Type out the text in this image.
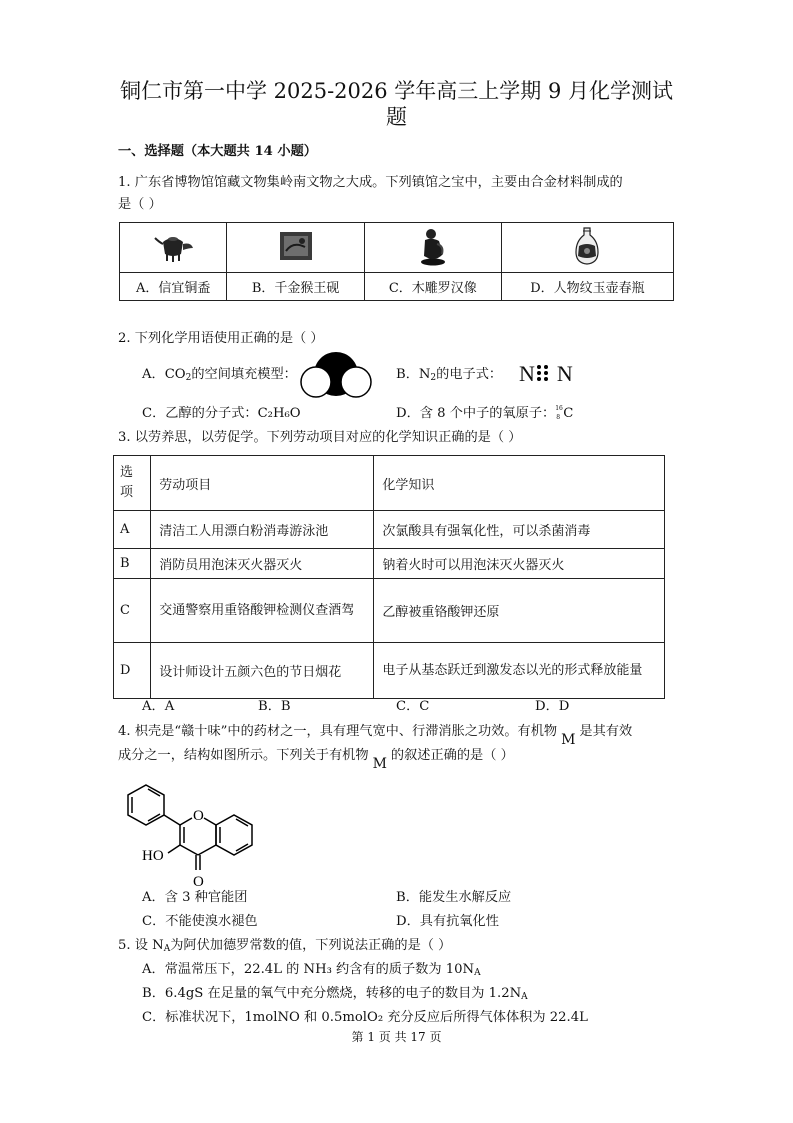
铜仁市第一中学 2025-2026 学年高三上学期 9 月化学测试
题
一、选择题（本大题共 14 小题）
1. 广东省博物馆馆藏文物集岭南文物之大成。下列镇馆之宝中，主要由合金材料制成的
是（ ）

A．信宜铜盉	B．千金猴王砚	C．木雕罗汉像	D．人物纹玉壶春瓶
2. 下列化学用语使用正确的是（ ）
A．$CO_2$的空间填充模型：	B．$N_2$的电子式： N N
C．乙醇的分子式：C₂H₆O	D．含 8 个中子的氧原子： 16
8 C
3. 以劳养思，以劳促学。下列劳动项目对应的化学知识正确的是（ ）
选项	劳动项目	化学知识
A	清洁工人用漂白粉消毒游泳池	次氯酸具有强氧化性，可以杀菌消毒
B	消防员用泡沫灭火器灭火	钠着火时可以用泡沫灭火器灭火
C	交通警察用重铬酸钾检测仪查酒驾	乙醇被重铬酸钾还原
D	设计师设计五颜六色的节日烟花	电子从基态跃迁到激发态以光的形式释放能量
A．A	B．B	C．C	D．D
4. 枳壳是“赣十味”中的药材之一，具有理气宽中、行滞消胀之功效。有机物M是其有效
成分之一，结构如图所示。下列关于有机物M的叙述正确的是（ ）
O
HO
O
A．含 3 种官能团	B．能发生水解反应
C．不能使溴水褪色	D．具有抗氧化性
5. 设 $N_A$为阿伏加德罗常数的值，下列说法正确的是（ ）
A．常温常压下，22.4L 的 NH₃ 约含有的质子数为 $10N_A$
B．6.4gS 在足量的氧气中充分燃烧，转移的电子的数目为 $1.2N_A$
C．标准状况下，1molNO 和 0.5molO₂ 充分反应后所得气体体积为 22.4L
第 1 页 共 17 页
